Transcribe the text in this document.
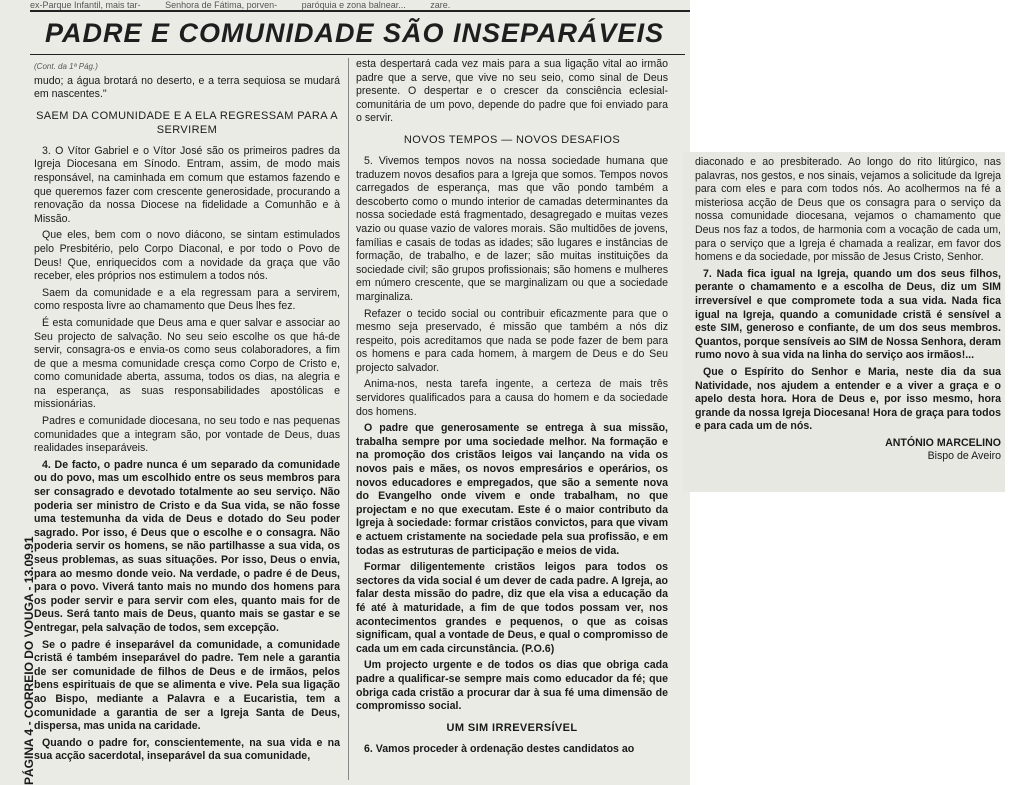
ex-Parque Infantil, mais tar-	Senhora de Fátima, porven-	paróquia e zona balnear...	zare.
PADRE E COMUNIDADE SÃO INSEPARÁVEIS
PÁGINA 4 - CORREIO DO VOUGA - 13.09.91
(Cont. da 1ª Pág.)

mudo; a água brotará no deserto, e a terra sequiosa se mudará em nascentes."

SAEM DA COMUNIDADE E A ELA REGRESSAM PARA A SERVIREM

3. O Vítor Gabriel e o Vítor José são os primeiros padres da Igreja Diocesana em Sínodo. Entram, assim, de modo mais responsável, na caminhada em comum que estamos fazendo e que queremos fazer com crescente generosidade, procurando a renovação da nossa Diocese na fidelidade a Comunhão e à Missão.

Que eles, bem com o novo diácono, se sintam estimulados pelo Presbitério, pelo Corpo Diaconal, e por todo o Povo de Deus! Que, enriquecidos com a novidade da graça que vão receber, eles próprios nos estimulem a todos nós.

Saem da comunidade e a ela regressam para a servirem, como resposta livre ao chamamento que Deus lhes fez.

É esta comunidade que Deus ama e quer salvar e associar ao Seu projecto de salvação. No seu seio escolhe os que há-de servir, consagra-os e envia-os como seus colaboradores, a fim de que a mesma comunidade cresça como Corpo de Cristo e, como comunidade aberta, assuma, todos os dias, na alegria e na esperança, as suas responsabilidades apostólicas e missionárias.

Padres e comunidade diocesana, no seu todo e nas pequenas comunidades que a integram são, por vontade de Deus, duas realidades inseparáveis.

4. De facto, o padre nunca é um separado da comunidade ou do povo, mas um escolhido entre os seus membros para ser consagrado e devotado totalmente ao seu serviço. Não poderia ser ministro de Cristo e da Sua vida, se não fosse uma testemunha da vida de Deus e dotado do Seu poder sagrado. Por isso, é Deus que o escolhe e o consagra. Não poderia servir os homens, se não partilhasse a sua vida, os seus problemas, as suas situações. Por isso, Deus o envia, para ao mesmo donde veio. Na verdade, o padre é de Deus, para o povo. Viverá tanto mais no mundo dos homens para os poder servir e para servir com eles, quanto mais for de Deus. Será tanto mais de Deus, quanto mais se gastar e se entregar, pela salvação de todos, sem excepção.

Se o padre é inseparável da comunidade, a comunidade cristã é também inseparável do padre. Tem nele a garantia de ser comunidade de filhos de Deus e de irmãos, pelos bens espirituais de que se alimenta e vive. Pela sua ligação ao Bispo, mediante a Palavra e a Eucaristia, tem a comunidade a garantia de ser a Igreja Santa de Deus, dispersa, mas unida na caridade.

Quando o padre for, conscientemente, na sua vida e na sua acção sacerdotal, inseparável da sua comunidade,

esta despertará cada vez mais para a sua ligação vital ao irmão padre que a serve, que vive no seu seio, como sinal de Deus presente. O despertar e o crescer da consciência eclesial-comunitária de um povo, depende do padre que foi enviado para o servir.

NOVOS TEMPOS — NOVOS DESAFIOS

5. Vivemos tempos novos na nossa sociedade humana que traduzem novos desafios para a Igreja que somos. Tempos novos carregados de esperança, mas que vão pondo também a descoberto como o mundo interior de camadas determinantes da nossa sociedade está fragmentado, desagregado e muitas vezes vazio ou quase vazio de valores morais. São multidões de jovens, famílias e casais de todas as idades; são lugares e instâncias de formação, de trabalho, e de lazer; são muitas instituições da sociedade civil; são grupos profissionais; são homens e mulheres em número crescente, que se marginalizam ou que a sociedade marginaliza.

Refazer o tecido social ou contribuir eficazmente para que o mesmo seja preservado, é missão que também a nós diz respeito, pois acreditamos que nada se pode fazer de bem para os homens e para cada homem, à margem de Deus e do Seu projecto salvador.

Anima-nos, nesta tarefa ingente, a certeza de mais três servidores qualificados para a causa do homem e da sociedade dos homens.

O padre que generosamente se entrega à sua missão, trabalha sempre por uma sociedade melhor. Na formação e na promoção dos cristãos leigos vai lançando na vida os novos pais e mães, os novos empresários e operários, os novos educadores e empregados, que são a semente nova do Evangelho onde vivem e onde trabalham, no que projectam e no que executam. Este é o maior contributo da Igreja à sociedade: formar cristãos convictos, para que vivam e actuem cristamente na sociedade pela sua profissão, e em todas as estruturas de participação e meios de vida.

Formar diligentemente cristãos leigos para todos os sectores da vida social é um dever de cada padre. A Igreja, ao falar desta missão do padre, diz que ela visa a educação da fé até à maturidade, a fim de que todos possam ver, nos acontecimentos grandes e pequenos, o que as coisas significam, qual a vontade de Deus, e qual o compromisso de cada um em cada circunstância. (P.O.6)

Um projecto urgente e de todos os dias que obriga cada padre a qualificar-se sempre mais como educador da fé; que obriga cada cristão a procurar dar à sua fé uma dimensão de compromisso social.

UM SIM IRREVERSÍVEL

6. Vamos proceder à ordenação destes candidatos ao

diaconado e ao presbiterado. Ao longo do rito litúrgico, nas palavras, nos gestos, e nos sinais, vejamos a solicitude da Igreja para com eles e para com todos nós. Ao acolhermos na fé a misteriosa acção de Deus que os consagra para o serviço da nossa comunidade diocesana, vejamos o chamamento que Deus nos faz a todos, de harmonia com a vocação de cada um, para o serviço que a Igreja é chamada a realizar, em favor dos homens e da sociedade, por missão de Jesus Cristo, Senhor.

7. Nada fica igual na Igreja, quando um dos seus filhos, perante o chamamento e a escolha de Deus, diz um SIM irreversível e que compromete toda a sua vida. Nada fica igual na Igreja, quando a comunidade cristã é sensível a este SIM, generoso e confiante, de um dos seus membros. Quantos, porque sensíveis ao SIM de Nossa Senhora, deram rumo novo à sua vida na linha do serviço aos irmãos!...

Que o Espírito do Senhor e Maria, neste dia da sua Natividade, nos ajudem a entender e a viver a graça e o apelo desta hora. Hora de Deus e, por isso mesmo, hora grande da nossa Igreja Diocesana! Hora de graça para todos e para cada um de nós.

ANTÓNIO MARCELINO
Bispo de Aveiro
